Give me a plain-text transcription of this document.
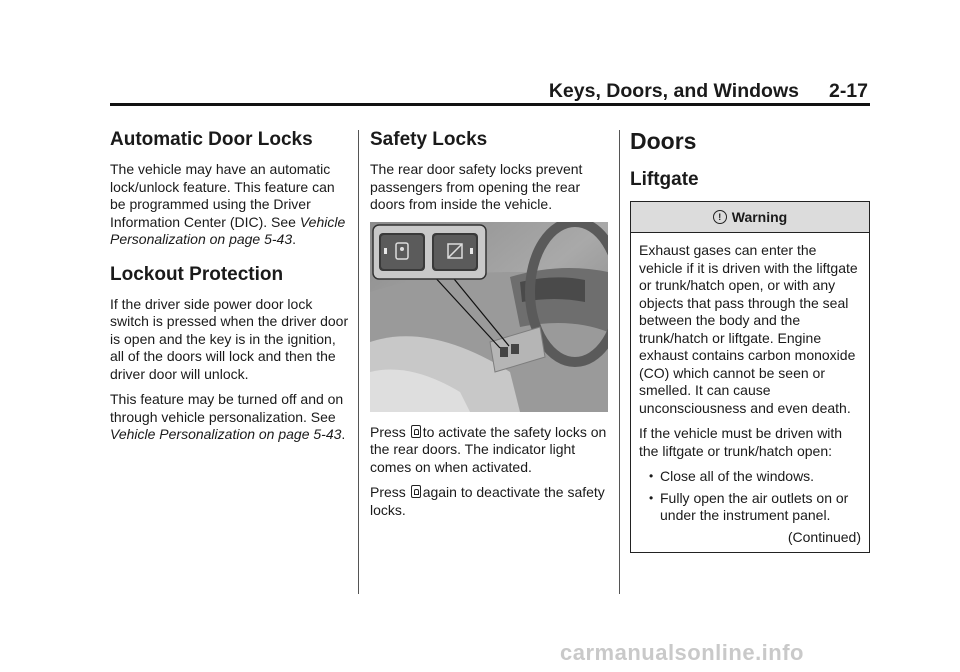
Keys, Doors, and Windows 2-17
Automatic Door Locks

The vehicle may have an automatic lock/unlock feature. This feature can be programmed using the Driver Information Center (DIC). See Vehicle Personalization on page 5-43.

Lockout Protection

If the driver side power door lock switch is pressed when the driver door is open and the key is in the ignition, all of the doors will lock and then the driver door will unlock.

This feature may be turned off and on through vehicle personalization. See Vehicle Personalization on page 5-43.

Safety Locks

The rear door safety locks prevent passengers from opening the rear doors from inside the vehicle.

Press to activate the safety locks on the rear doors. The indicator light comes on when activated.

Press again to deactivate the safety locks.

Doors
Liftgate
! Warning

Exhaust gases can enter the vehicle if it is driven with the liftgate or trunk/hatch open, or with any objects that pass through the seal between the body and the trunk/hatch or liftgate. Engine exhaust contains carbon monoxide (CO) which cannot be seen or smelled. It can cause unconsciousness and even death.

If the vehicle must be driven with the liftgate or trunk/hatch open:

• Close all of the windows.
• Fully open the air outlets on or under the instrument panel.
(Continued)
carmanualsonline.info
